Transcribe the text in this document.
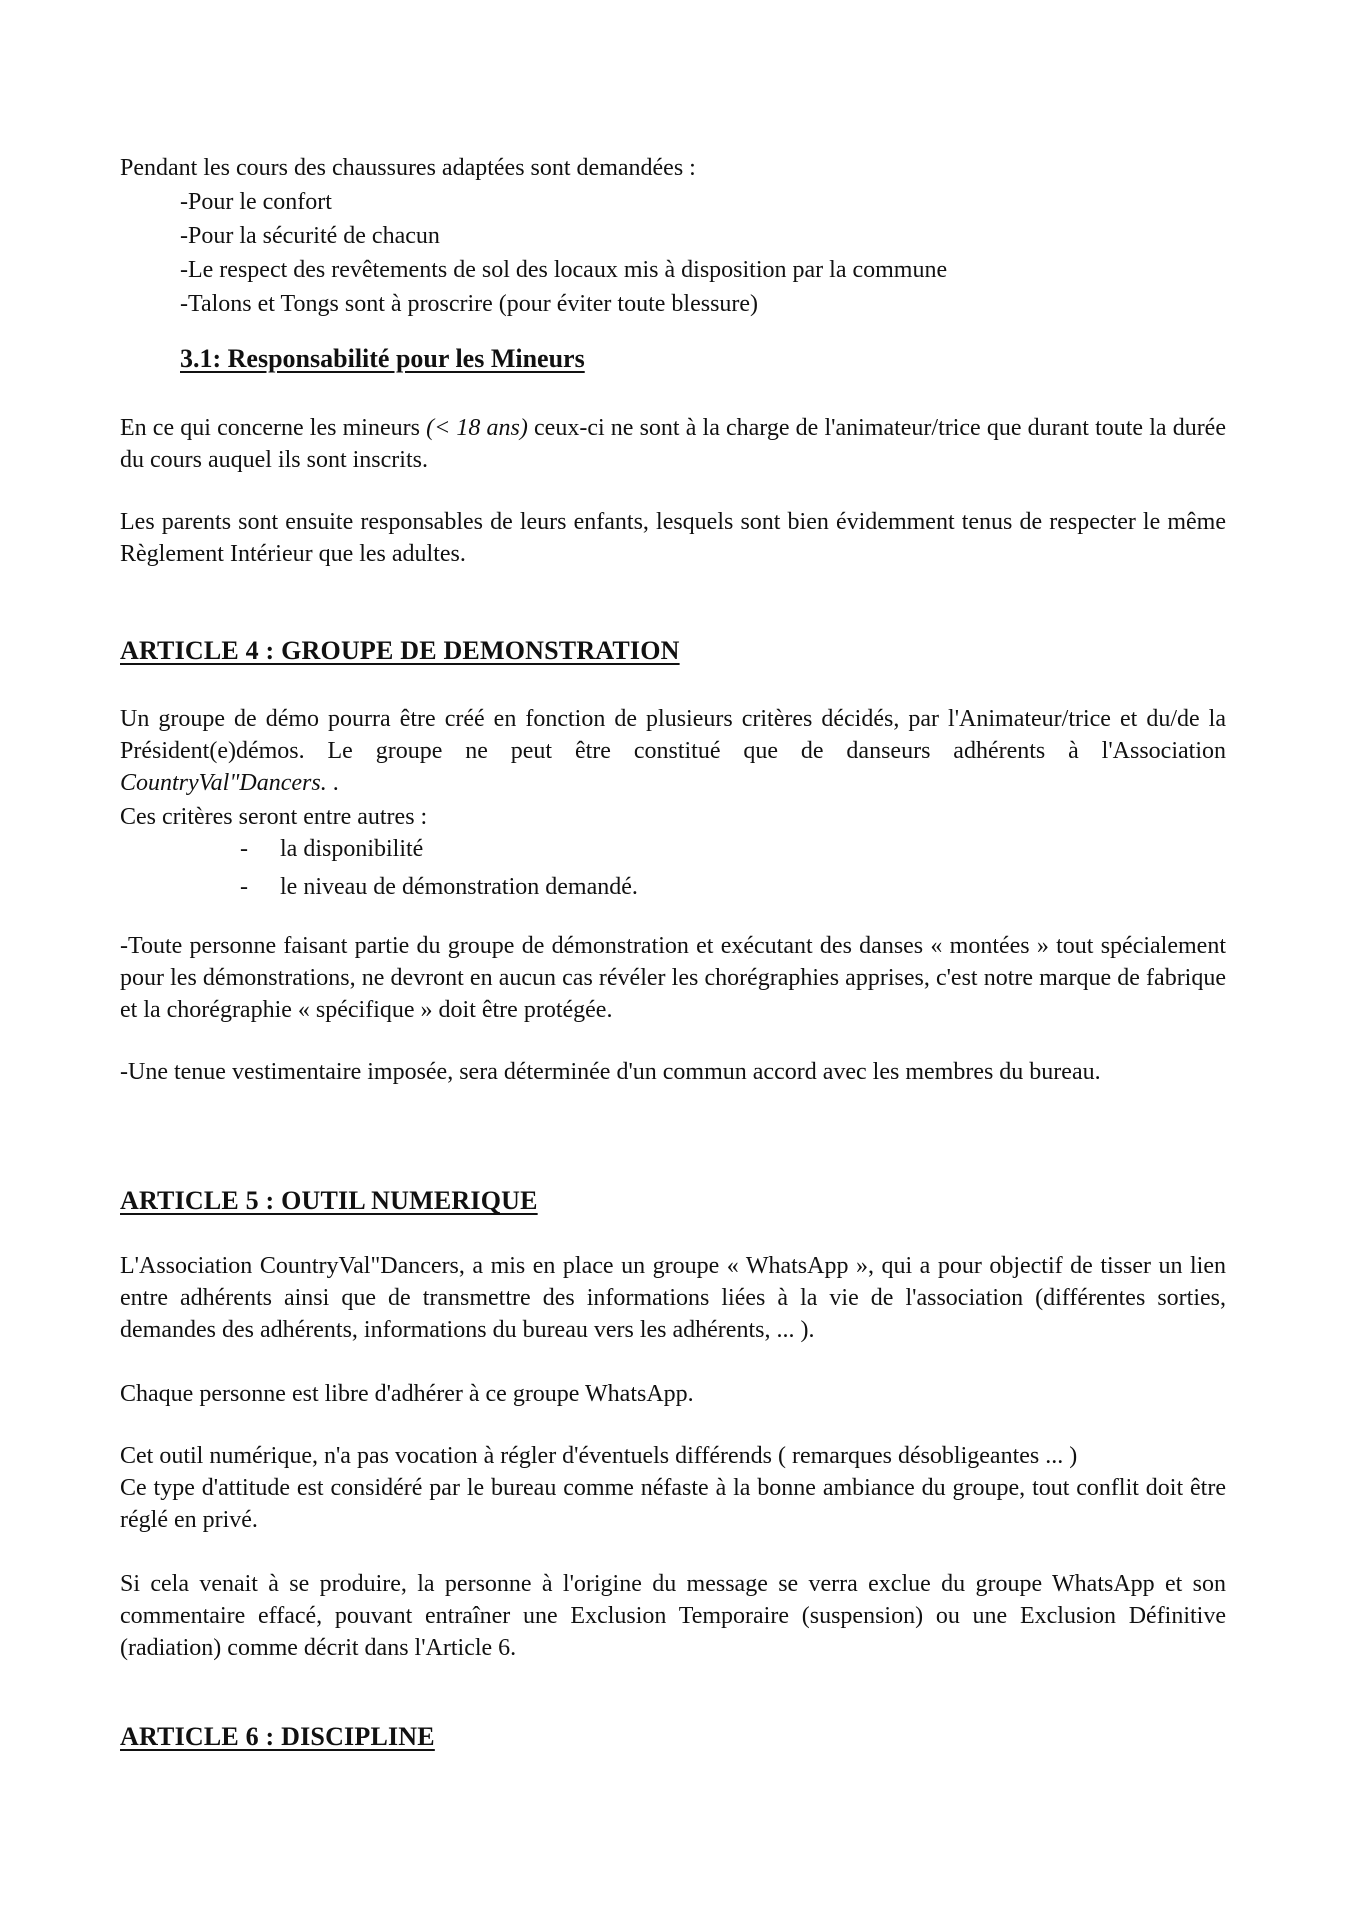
Pendant les cours des chaussures adaptées sont demandées :

-Pour le confort

-Pour la sécurité de chacun

-Le respect des revêtements de sol des locaux mis à disposition par la commune

-Talons et Tongs sont à proscrire (pour éviter toute blessure)

3.1: Responsabilité pour les Mineurs

En ce qui concerne les mineurs (< 18 ans) ceux-ci ne sont à la charge de l'animateur/trice que durant toute la durée du cours auquel ils sont inscrits.

Les parents sont ensuite responsables de leurs enfants, lesquels sont bien évidemment tenus de respecter le même Règlement Intérieur que les adultes.

ARTICLE 4 : GROUPE DE DEMONSTRATION

Un groupe de démo pourra être créé en fonction de plusieurs critères décidés, par l'Animateur/trice et du/de la Président(e)démos. Le groupe ne peut être constitué que de danseurs adhérents à l'Association CountryVal"Dancers. .

Ces critères seront entre autres :

-	la disponibilité
-	le niveau de démonstration demandé.

-Toute personne faisant partie du groupe de démonstration et exécutant des danses « montées » tout spécialement pour les démonstrations, ne devront en aucun cas révéler les chorégraphies apprises, c'est notre marque de fabrique et la chorégraphie « spécifique » doit être protégée.

-Une tenue vestimentaire imposée, sera déterminée d'un commun accord avec les membres du bureau.

ARTICLE 5 : OUTIL NUMERIQUE

L'Association CountryVal"Dancers, a mis en place un groupe « WhatsApp », qui a pour objectif de tisser un lien entre adhérents ainsi que de transmettre des informations liées à la vie de l'association (différentes sorties, demandes des adhérents, informations du bureau vers les adhérents, ... ).

Chaque personne est libre d'adhérer à ce groupe WhatsApp.

Cet outil numérique, n'a pas vocation à régler d'éventuels différends ( remarques désobligeantes ... )

Ce type d'attitude est considéré par le bureau comme néfaste à la bonne ambiance du groupe, tout conflit doit être réglé en privé.

Si cela venait à se produire, la personne à l'origine du message se verra exclue du groupe WhatsApp et son commentaire effacé, pouvant entraîner une Exclusion Temporaire (suspension) ou une Exclusion Définitive (radiation) comme décrit dans l'Article 6.

ARTICLE 6 : DISCIPLINE
